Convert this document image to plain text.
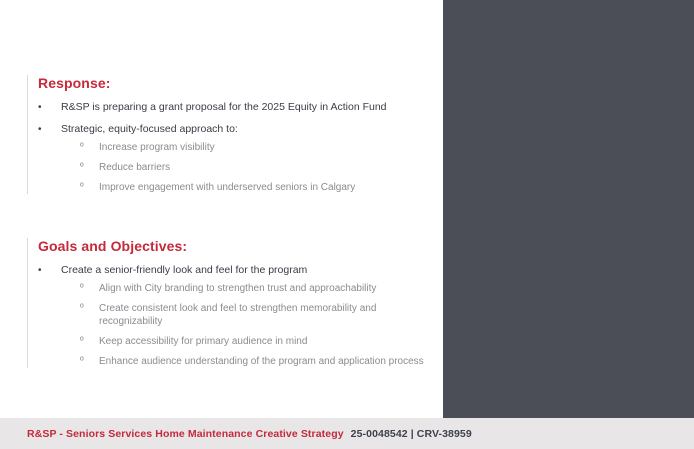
Response:
•	R&SP is preparing a grant proposal for the 2025 Equity in Action Fund
•	Strategic, equity-focused approach to:
º	Increase program visibility
º	Reduce barriers
º	Improve engagement with underserved seniors in Calgary
Goals and Objectives:
•	Create a senior-friendly look and feel for the program
º	Align with City branding to strengthen trust and approachability
º	Create consistent look and feel to strengthen memorability and recognizability
º	Keep accessibility for primary audience in mind
º	Enhance audience understanding of the program and application process
R&SP - Seniors Services Home Maintenance Creative Strategy 25-0048542 | CRV-38959
